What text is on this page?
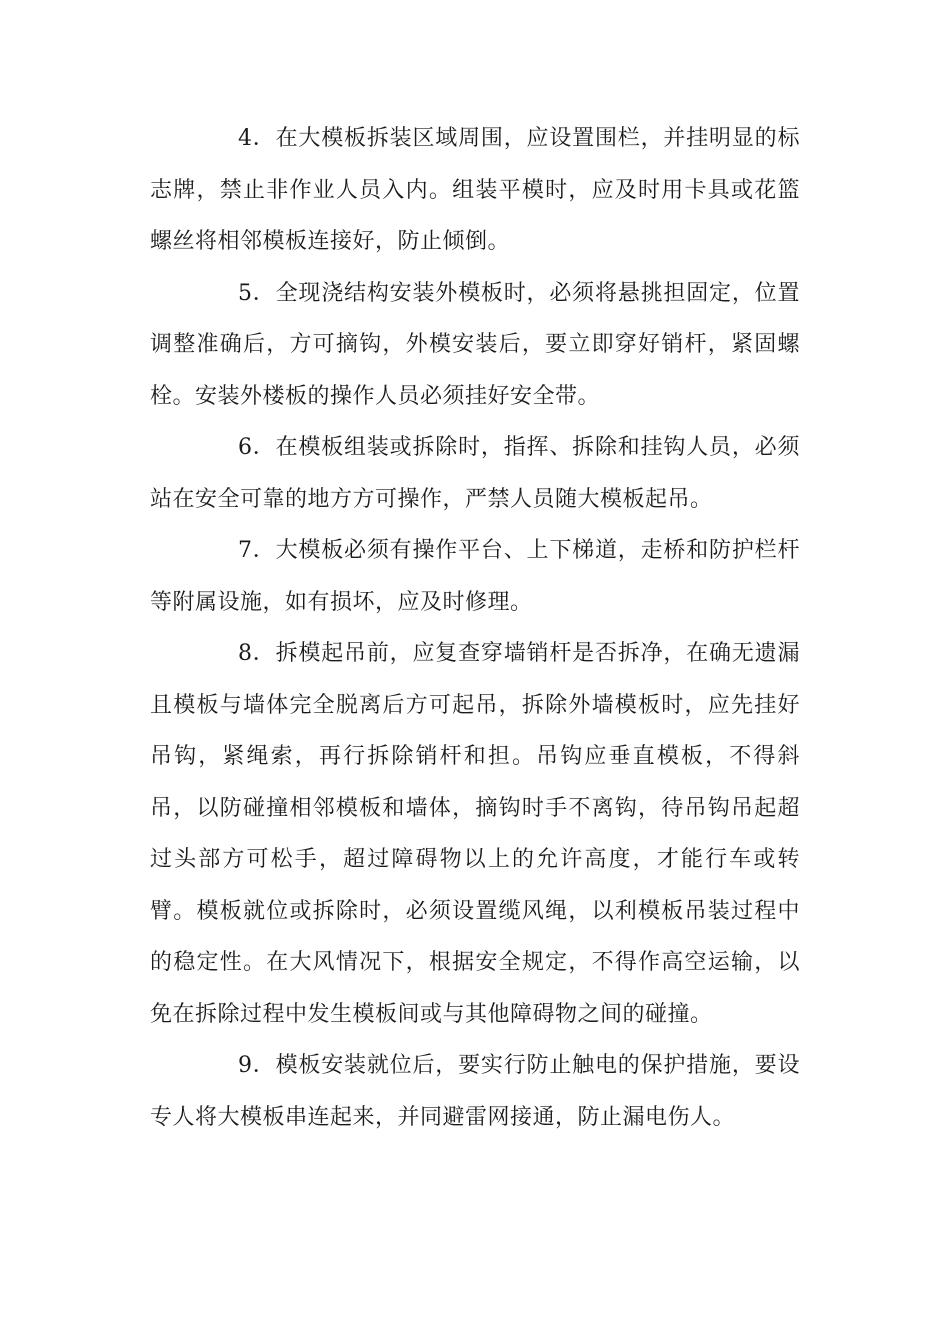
4．在大模板拆装区域周围，应设置围栏，并挂明显的标志牌，禁止非作业人员入内。组装平模时，应及时用卡具或花篮螺丝将相邻模板连接好，防止倾倒。

5．全现浇结构安装外模板时，必须将悬挑担固定，位置调整准确后，方可摘钩，外模安装后，要立即穿好销杆，紧固螺栓。安装外楼板的操作人员必须挂好安全带。

6．在模板组装或拆除时，指挥、拆除和挂钩人员，必须站在安全可靠的地方方可操作，严禁人员随大模板起吊。

7．大模板必须有操作平台、上下梯道，走桥和防护栏杆等附属设施，如有损坏，应及时修理。

8．拆模起吊前，应复查穿墙销杆是否拆净，在确无遗漏且模板与墙体完全脱离后方可起吊，拆除外墙模板时，应先挂好吊钩，紧绳索，再行拆除销杆和担。吊钩应垂直模板，不得斜吊，以防碰撞相邻模板和墙体，摘钩时手不离钩，待吊钩吊起超过头部方可松手，超过障碍物以上的允许高度，才能行车或转臂。模板就位或拆除时，必须设置缆风绳，以利模板吊装过程中的稳定性。在大风情况下，根据安全规定，不得作高空运输，以免在拆除过程中发生模板间或与其他障碍物之间的碰撞。

9．模板安装就位后，要实行防止触电的保护措施，要设专人将大模板串连起来，并同避雷网接通，防止漏电伤人。
